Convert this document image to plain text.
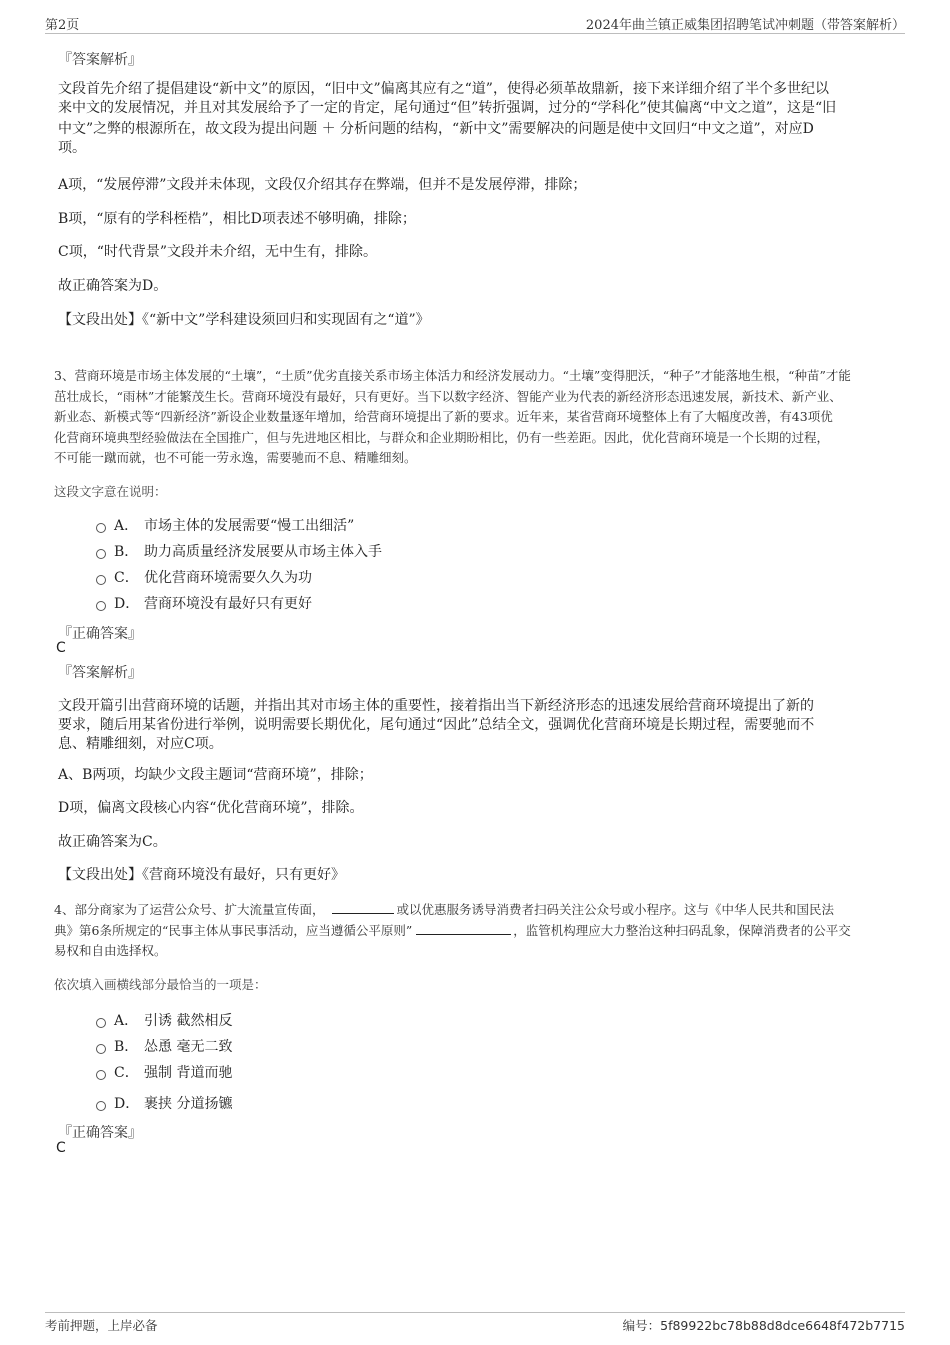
第2页	2024年曲兰镇正威集团招聘笔试冲刺题（带答案解析）
『答案解析』
文段首先介绍了提倡建设“新中文”的原因，“旧中文”偏离其应有之“道”，使得必须革故鼎新，接下来详细介绍了半个多世纪以
来中文的发展情况，并且对其发展给予了一定的肯定，尾句通过“但”转折强调，过分的“学科化”使其偏离“中文之道”，这是“旧
中文”之弊的根源所在，故文段为提出问题 ＋ 分析问题的结构，“新中文”需要解决的问题是使中文回归“中文之道”，对应D
项。
A项，“发展停滞”文段并未体现，文段仅介绍其存在弊端，但并不是发展停滞，排除；
B项，“原有的学科桎梏”，相比D项表述不够明确，排除；
C项，“时代背景”文段并未介绍，无中生有，排除。
故正确答案为D。
【文段出处】《“新中文”学科建设须回归和实现固有之“道”》
3、营商环境是市场主体发展的“土壤”，“土质”优劣直接关系市场主体活力和经济发展动力。“土壤”变得肥沃，“种子”才能落地生根，“种苗”才能
茁壮成长，“雨林”才能繁茂生长。营商环境没有最好，只有更好。当下以数字经济、智能产业为代表的新经济形态迅速发展，新技术、新产业、
新业态、新模式等“四新经济”新设企业数量逐年增加，给营商环境提出了新的要求。近年来，某省营商环境整体上有了大幅度改善，有43项优
化营商环境典型经验做法在全国推广，但与先进地区相比，与群众和企业期盼相比，仍有一些差距。因此，优化营商环境是一个长期的过程，
不可能一蹴而就，也不可能一劳永逸，需要驰而不息、精雕细刻。
这段文字意在说明：
A． 市场主体的发展需要“慢工出细活”
B． 助力高质量经济发展要从市场主体入手
C． 优化营商环境需要久久为功
D． 营商环境没有最好只有更好
『正确答案』
C
『答案解析』
文段开篇引出营商环境的话题，并指出其对市场主体的重要性，接着指出当下新经济形态的迅速发展给营商环境提出了新的
要求，随后用某省份进行举例，说明需要长期优化，尾句通过“因此”总结全文，强调优化营商环境是长期过程，需要驰而不
息、精雕细刻，对应C项。
A、B两项，均缺少文段主题词“营商环境”，排除；
D项，偏离文段核心内容“优化营商环境”，排除。
故正确答案为C。
【文段出处】《营商环境没有最好，只有更好》
4、部分商家为了运营公众号、扩大流量宣传面，	或以优惠服务诱导消费者扫码关注公众号或小程序。这与《中华人民共和国民法
典》第6条所规定的“民事主体从事民事活动，应当遵循公平原则”	，监管机构理应大力整治这种扫码乱象，保障消费者的公平交
易权和自由选择权。
依次填入画横线部分最恰当的一项是：
A． 引诱 截然相反
B． 怂恿 毫无二致
C． 强制 背道而驰
D． 裹挟 分道扬镳
『正确答案』
C
考前押题，上岸必备	编号：5f89922bc78b88d8dce6648f472b7715
